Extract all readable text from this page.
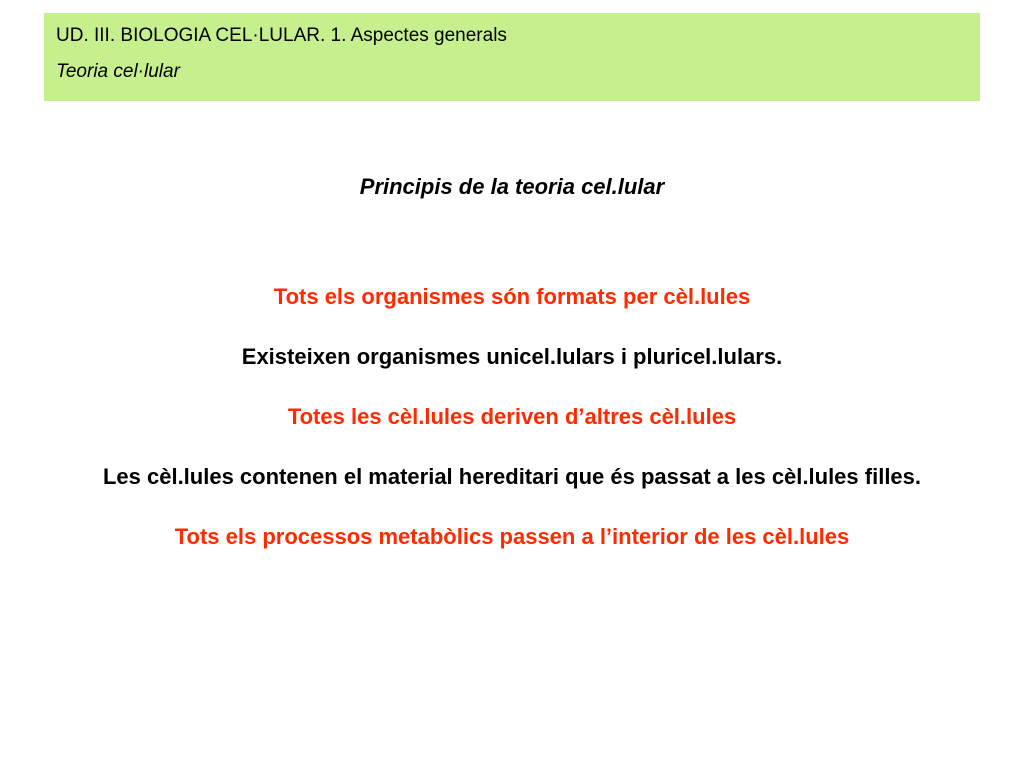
UD. III. BIOLOGIA CEL·LULAR. 1. Aspectes generals

Teoria cel·lular

Principis de la teoria cel.lular

Tots els organismes són formats per cèl.lules

Existeixen organismes unicel.lulars i pluricel.lulars.

Totes les cèl.lules deriven d’altres cèl.lules

Les cèl.lules contenen el material hereditari que és passat a les cèl.lules filles.

Tots els processos metabòlics passen a l’interior de les cèl.lules
